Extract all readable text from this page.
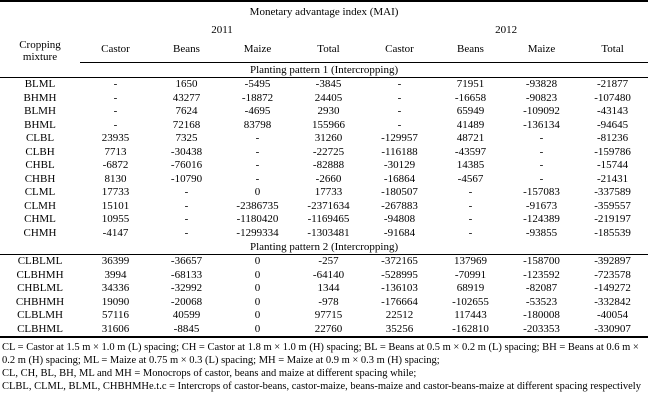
Monetary advantage index (MAI)								

Cropping mixture	2011				2012			
	Castor	Beans	Maize	Total	Castor	Beans	Maize	Total
Planting pattern 1 (Intercropping)								
BLML	-	1650	-5495	-3845	-	71951	-93828	-21877
BHMH	-	43277	-18872	24405	-	-16658	-90823	-107480
BLMH	-	7624	-4695	2930	-	65949	-109092	-43143
BHML	-	72168	83798	155966	-	41489	-136134	-94645
CLBL	23935	7325	-	31260	-129957	48721	-	-81236
CLBH	7713	-30438	-	-22725	-116188	-43597	-	-159786
CHBL	-6872	-76016	-	-82888	-30129	14385	-	-15744
CHBH	8130	-10790	-	-2660	-16864	-4567	-	-21431
CLML	17733	-	0	17733	-180507	-	-157083	-337589
CLMH	15101	-	-2386735	-2371634	-267883	-	-91673	-359557
CHML	10955	-	-1180420	-1169465	-94808	-	-124389	-219197
CHMH	-4147	-	-1299334	-1303481	-91684	-	-93855	-185539
Planting pattern 2 (Intercropping)								
CLBLML	36399	-36657	0	-257	-372165	137969	-158700	-392897
CLBHMH	3994	-68133	0	-64140	-528995	-70991	-123592	-723578
CHBLML	34336	-32992	0	1344	-136103	68919	-82087	-149272
CHBHMH	19090	-20068	0	-978	-176664	-102655	-53523	-332842
CLBLMH	57116	40599	0	97715	22512	117443	-180008	-40054
CLBHML	31606	-8845	0	22760	35256	-162810	-203353	-330907

CL = Castor at 1.5 m × 1.0 m (L) spacing; CH = Castor at 1.8 m × 1.0 m (H) spacing; BL = Beans at 0.5 m × 0.2 m (L) spacing; BH = Beans at 0.6 m × 0.2 m (H) spacing; ML = Maize at 0.75 m × 0.3 (L) spacing; MH = Maize at 0.9 m × 0.3 m (H) spacing;

CL, CH, BL, BH, ML and MH = Monocrops of castor, beans and maize at different spacing while;

CLBL, CLML, BLML, CHBHMHe.t.c = Intercrops of castor-beans, castor-maize, beans-maize and castor-beans-maize at different spacing respectively
